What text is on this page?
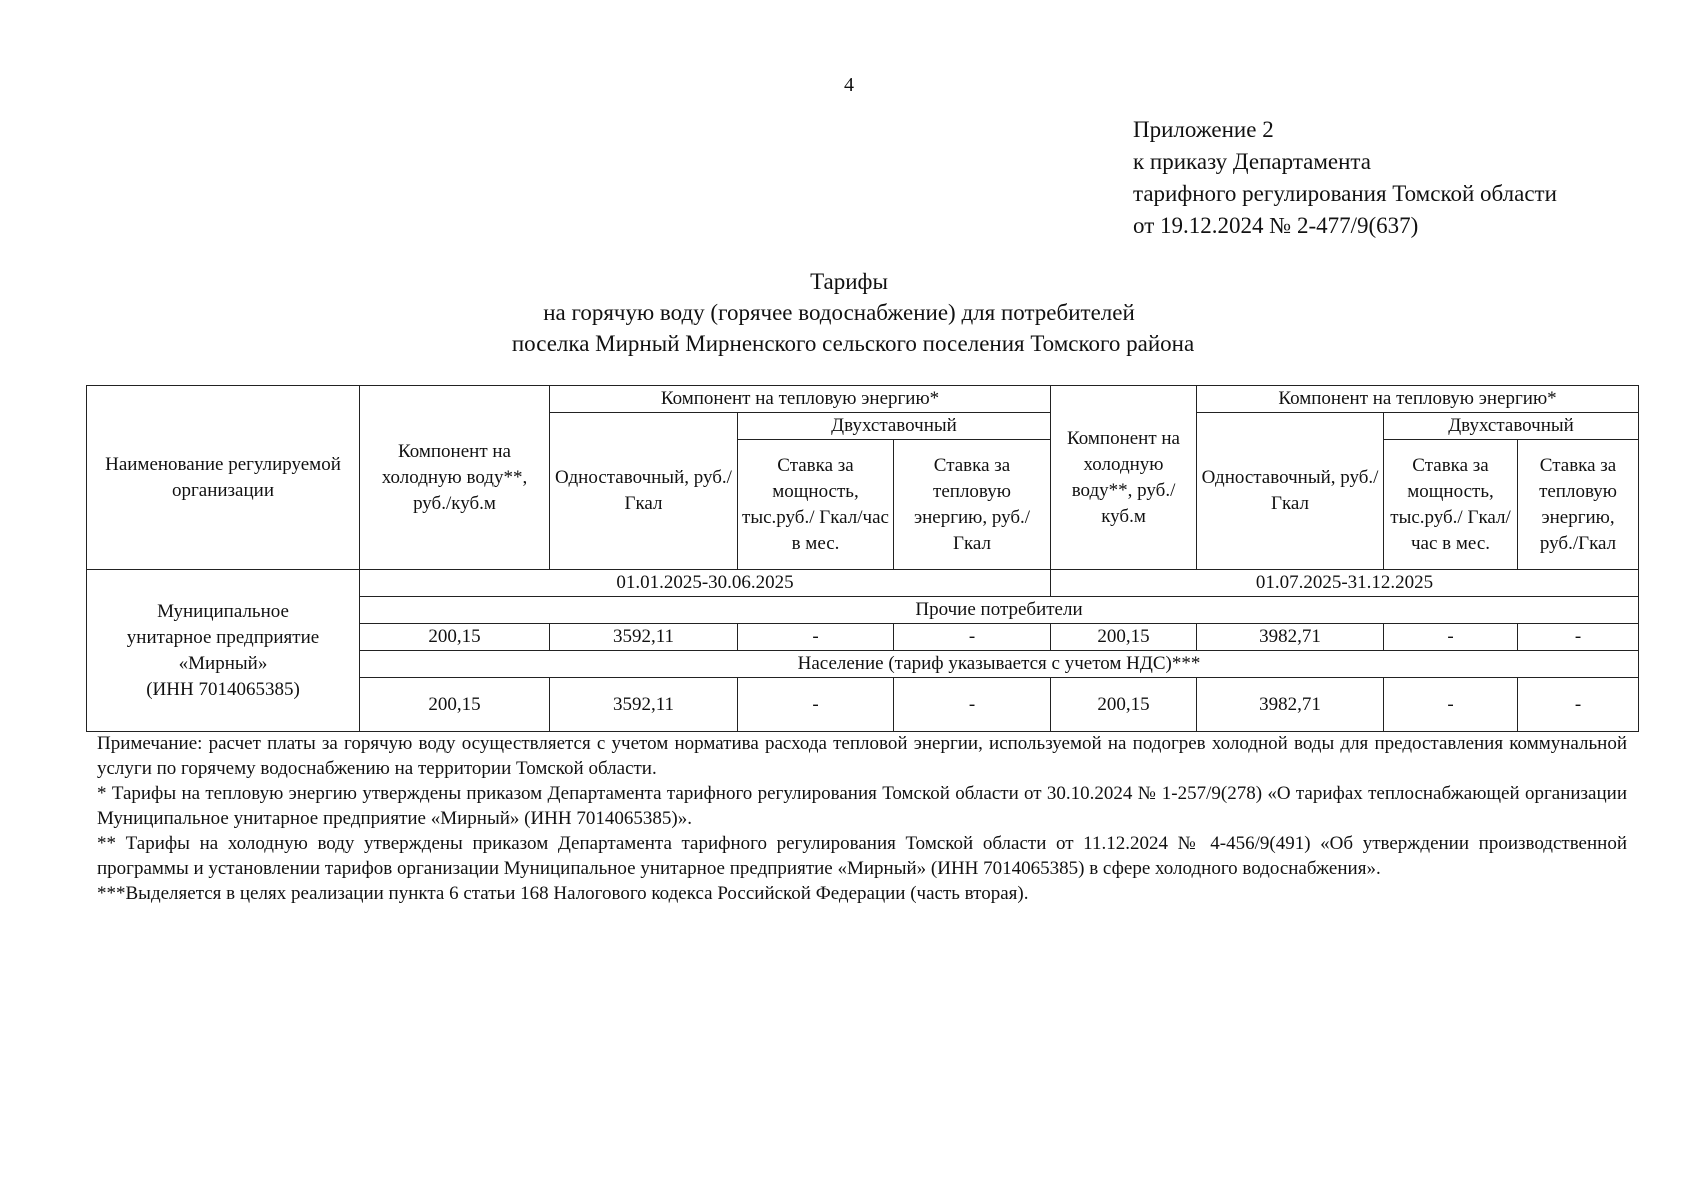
4
Приложение 2
к приказу Департамента
тарифного регулирования Томской области
от 19.12.2024 № 2-477/9(637)
Тарифы
на горячую воду (горячее водоснабжение) для потребителей
поселка Мирный Мирненского сельского поселения Томского района
Наименование регулируемой организации	Компонент на холодную воду**, руб./куб.м	Компонент на тепловую энергию*			Компонент на холодную воду**, руб./куб.м	Компонент на тепловую энергию*		
		Одноставочный, руб./Гкал	Двухставочный			Одноставочный, руб./Гкал	Двухставочный	
			Ставка за мощность, тыс.руб./ Гкал/час в мес.	Ставка за тепловую энергию, руб./Гкал			Ставка за мощность, тыс.руб./ Гкал/час в мес.	Ставка за тепловую энергию, руб./Гкал

Муниципальное
унитарное предприятие
«Мирный»
(ИНН 7014065385)	01.01.2025-30.06.2025				01.07.2025-31.12.2025			
	Прочие потребители							
	200,15	3592,11	-	-	200,15	3982,71	-	-
	Население (тариф указывается с учетом НДС)***							
	200,15	3592,11	-	-	200,15	3982,71	-	-

Примечание: расчет платы за горячую воду осуществляется с учетом норматива расхода тепловой энергии, используемой на подогрев холодной воды для предоставления коммунальной услуги по горячему водоснабжению на территории Томской области.

* Тарифы на тепловую энергию утверждены приказом Департамента тарифного регулирования Томской области от 30.10.2024 № 1-257/9(278) «О тарифах теплоснабжающей организации Муниципальное унитарное предприятие «Мирный» (ИНН 7014065385)».

** Тарифы на холодную воду утверждены приказом Департамента тарифного регулирования Томской области от 11.12.2024 № 4-456/9(491) «Об утверждении производственной программы и установлении тарифов организации Муниципальное унитарное предприятие «Мирный» (ИНН 7014065385) в сфере холодного водоснабжения».

***Выделяется в целях реализации пункта 6 статьи 168 Налогового кодекса Российской Федерации (часть вторая).
